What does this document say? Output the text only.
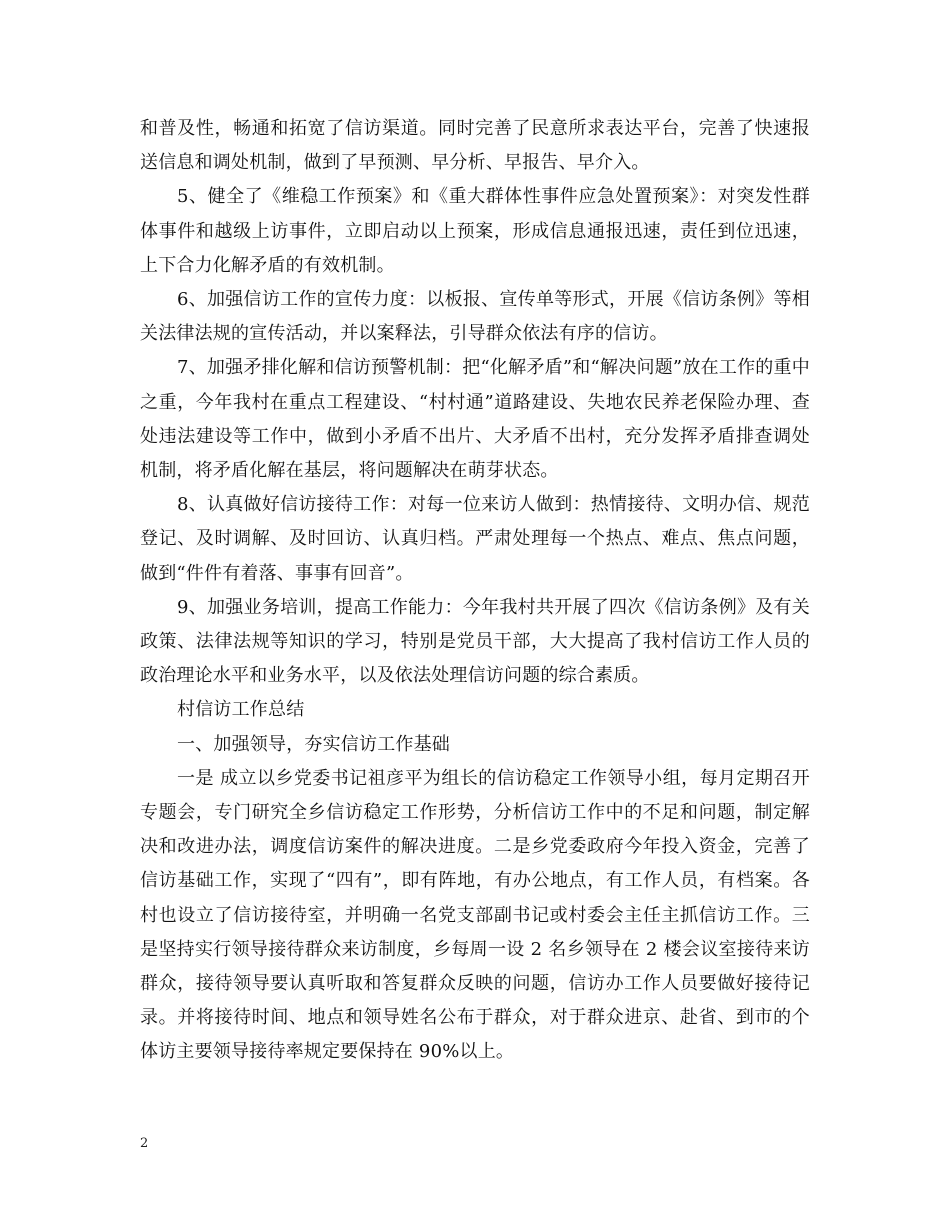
和普及性，畅通和拓宽了信访渠道。同时完善了民意所求表达平台，完善了快速报送信息和调处机制，做到了早预测、早分析、早报告、早介入。

5、健全了《维稳工作预案》和《重大群体性事件应急处置预案》：对突发性群体事件和越级上访事件，立即启动以上预案，形成信息通报迅速，责任到位迅速，上下合力化解矛盾的有效机制。

6、加强信访工作的宣传力度：以板报、宣传单等形式，开展《信访条例》等相关法律法规的宣传活动，并以案释法，引导群众依法有序的信访。

7、加强矛排化解和信访预警机制：把“化解矛盾”和“解决问题”放在工作的重中之重，今年我村在重点工程建设、“村村通”道路建设、失地农民养老保险办理、查处违法建设等工作中，做到小矛盾不出片、大矛盾不出村，充分发挥矛盾排查调处机制，将矛盾化解在基层，将问题解决在萌芽状态。

8、认真做好信访接待工作：对每一位来访人做到：热情接待、文明办信、规范登记、及时调解、及时回访、认真归档。严肃处理每一个热点、难点、焦点问题，做到“件件有着落、事事有回音”。

9、加强业务培训，提高工作能力：今年我村共开展了四次《信访条例》及有关政策、法律法规等知识的学习，特别是党员干部，大大提高了我村信访工作人员的政治理论水平和业务水平，以及依法处理信访问题的综合素质。

村信访工作总结

一、加强领导，夯实信访工作基础

一是 成立以乡党委书记祖彦平为组长的信访稳定工作领导小组，每月定期召开专题会，专门研究全乡信访稳定工作形势，分析信访工作中的不足和问题，制定解决和改进办法，调度信访案件的解决进度。二是乡党委政府今年投入资金，完善了信访基础工作，实现了“四有”，即有阵地，有办公地点，有工作人员，有档案。各村也设立了信访接待室，并明确一名党支部副书记或村委会主任主抓信访工作。三是坚持实行领导接待群众来访制度，乡每周一设 2 名乡领导在 2 楼会议室接待来访群众，接待领导要认真听取和答复群众反映的问题，信访办工作人员要做好接待记录。并将接待时间、地点和领导姓名公布于群众，对于群众进京、赴省、到市的个体访主要领导接待率规定要保持在 90%以上。

2
